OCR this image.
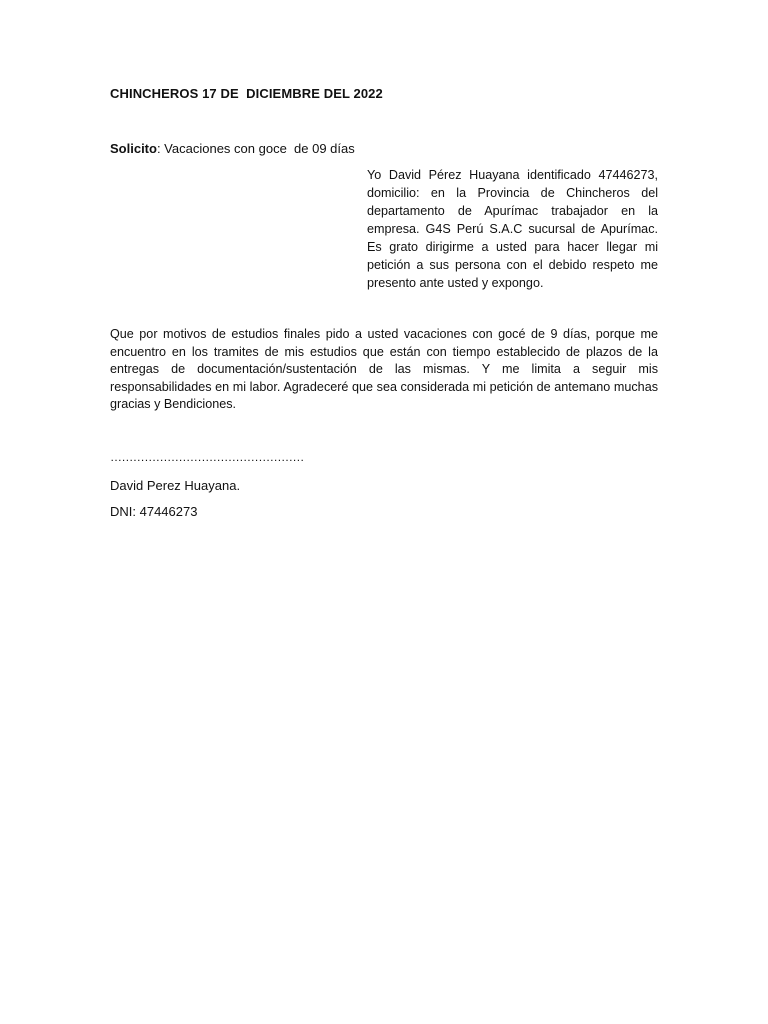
CHINCHEROS 17 DE  DICIEMBRE DEL 2022
Solicito: Vacaciones con goce  de 09 días
Yo David Pérez Huayana identificado 47446273, domicilio: en la Provincia de Chincheros del departamento de Apurímac trabajador en la empresa. G4S Perú S.A.C sucursal de Apurímac. Es grato dirigirme a usted para hacer llegar mi petición a sus persona con el debido respeto me presento ante usted y expongo.
Que por motivos de estudios finales pido a usted vacaciones con gocé de 9 días, porque me encuentro en los tramites de mis estudios que están con tiempo establecido de plazos de la entregas de documentación/sustentación de las mismas. Y me limita a seguir mis responsabilidades en mi labor. Agradeceré que sea considerada mi petición de antemano muchas gracias y Bendiciones.
……………………………………………
David Perez Huayana.
DNI: 47446273
